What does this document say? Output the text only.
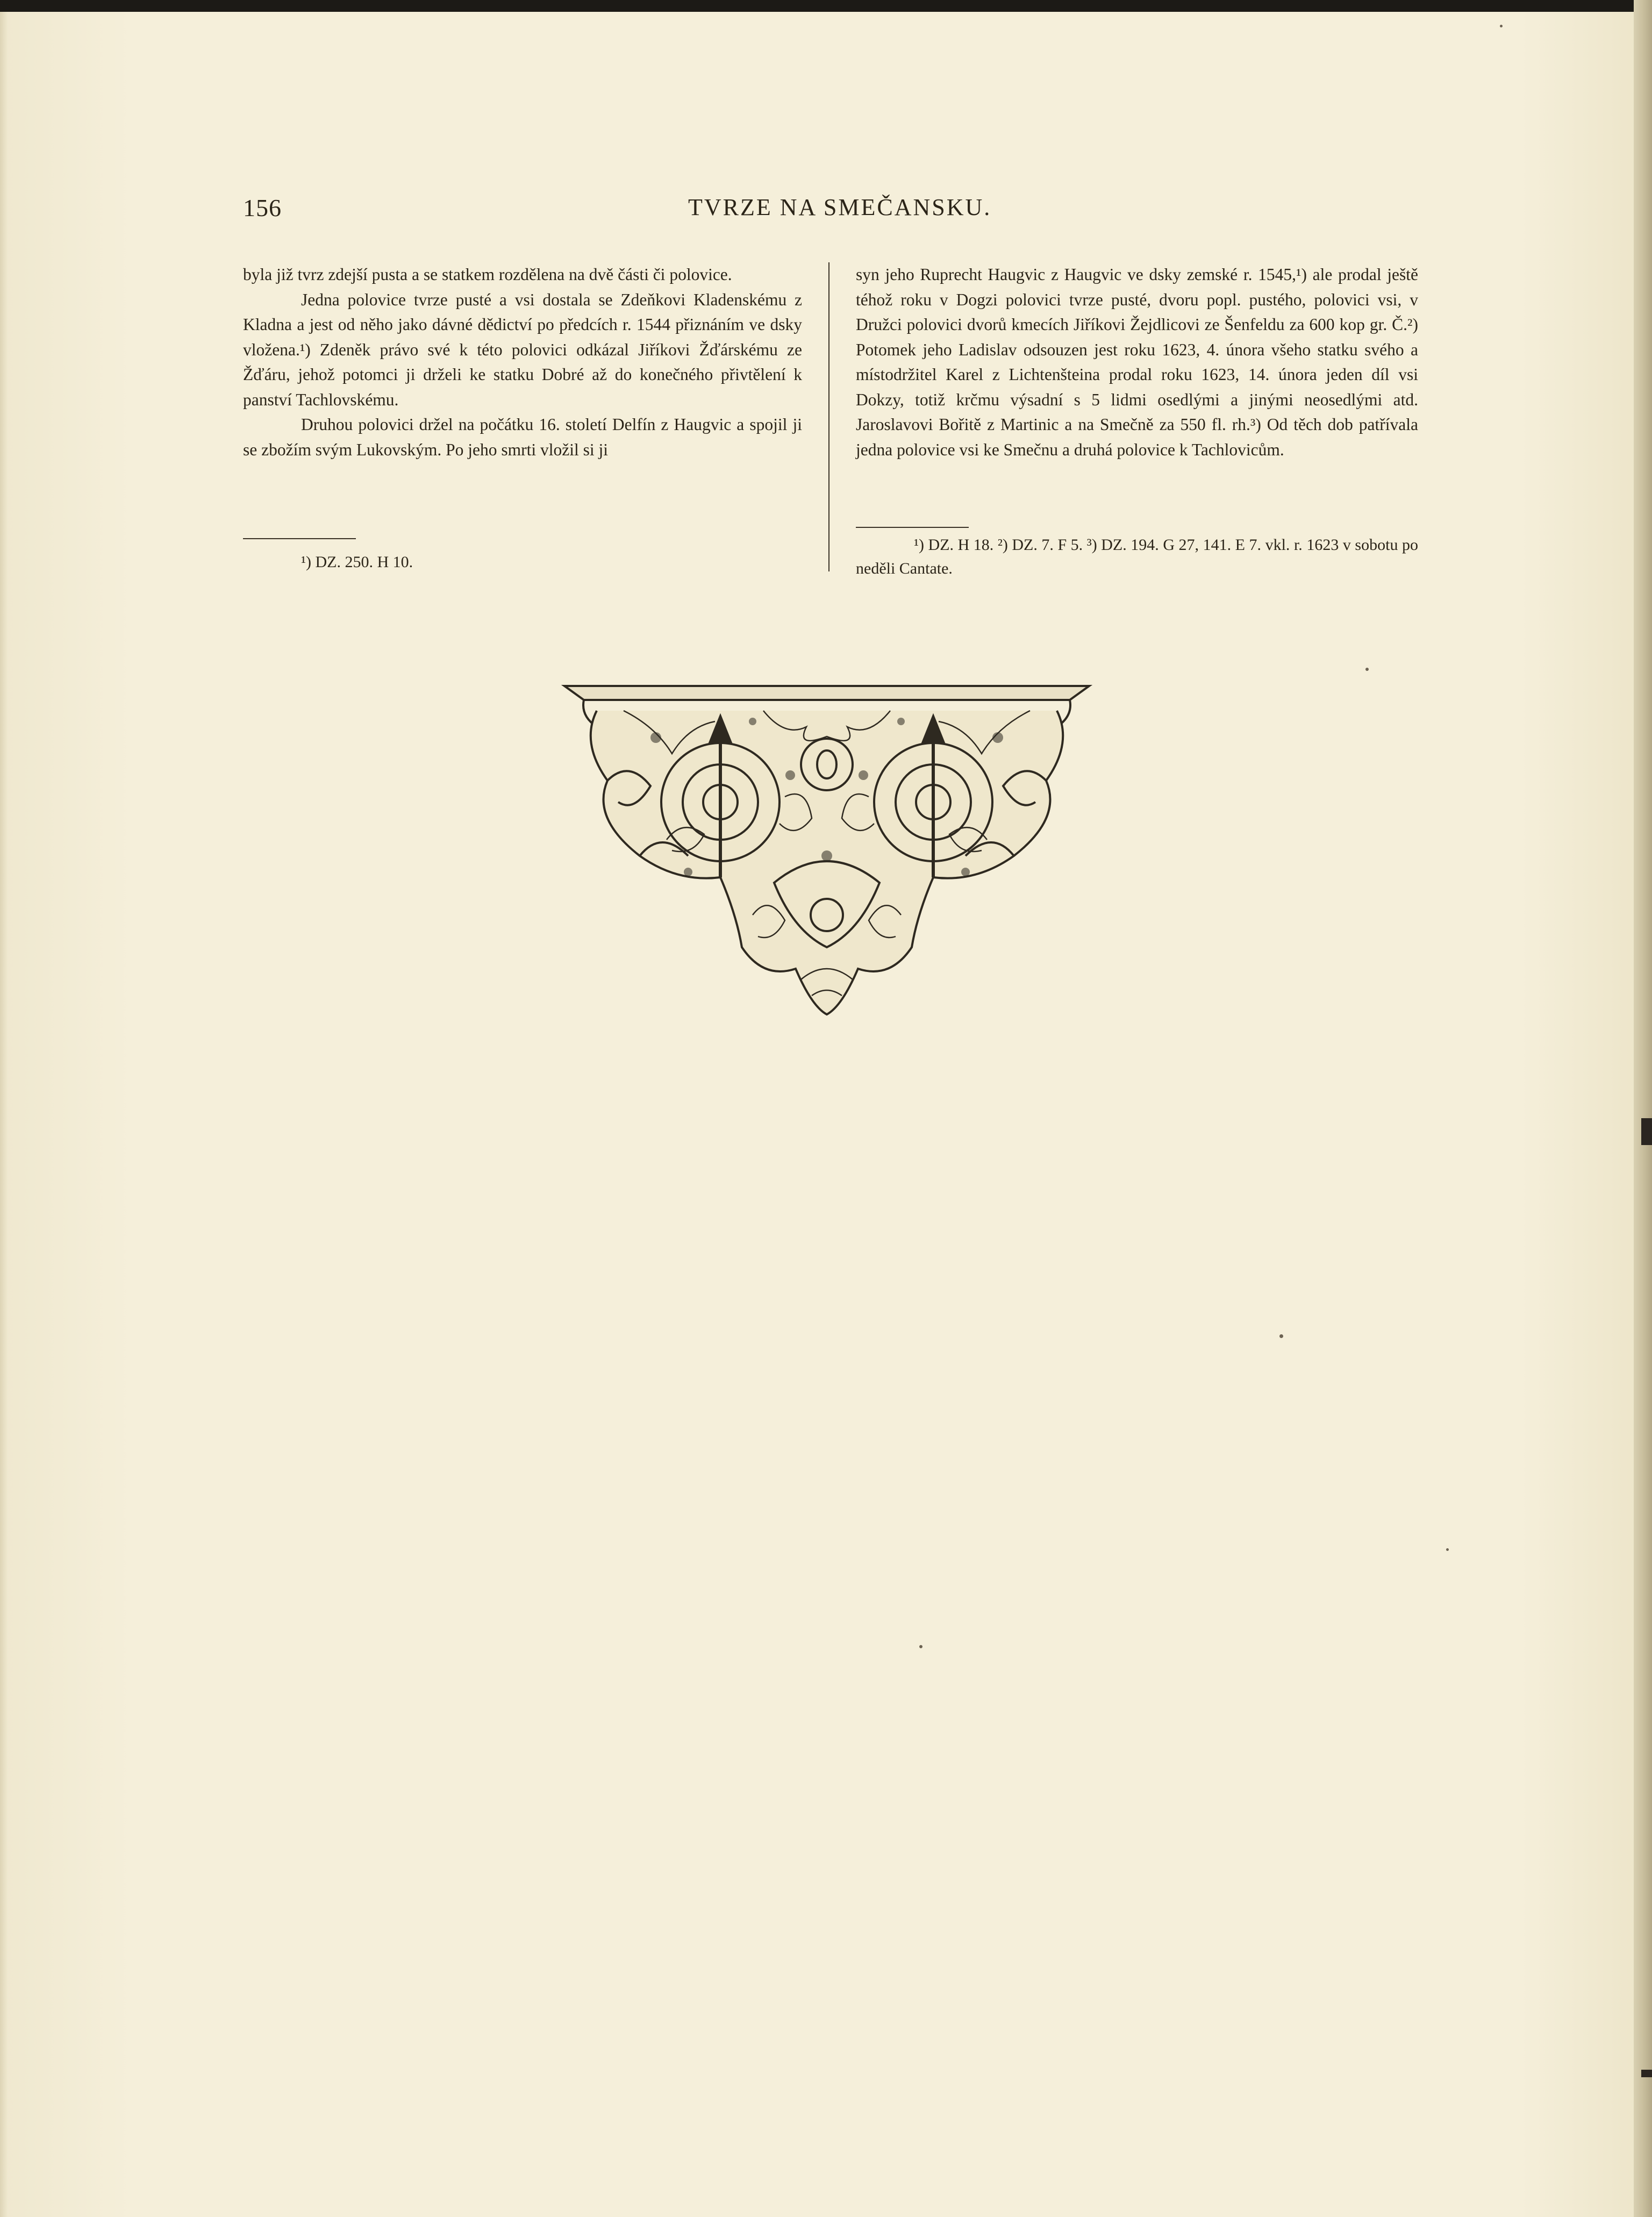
156	TVRZE NA SMEČANSKU.

byla již tvrz zdejší pusta a se statkem rozdělena na dvě části či polovice.

Jedna polovice tvrze pusté a vsi dostala se Zdeňkovi Kladenskému z Kladna a jest od něho jako dávné dědictví po předcích r. 1544 přiznáním ve dsky vložena.¹) Zdeněk právo své k této polovici odkázal Jiříkovi Žďárskému ze Žďáru, jehož potomci ji drželi ke statku Dobré až do konečného přivtělení k panství Tachlovskému.

Druhou polovici držel na počátku 16. století Delfín z Haugvic a spojil ji se zbožím svým Lukovským. Po jeho smrti vložil si ji

¹) DZ. 250. H 10.

syn jeho Ruprecht Haugvic z Haugvic ve dsky zemské r. 1545,¹) ale prodal ještě téhož roku v Dogzi polovici tvrze pusté, dvoru popl. pustého, polovici vsi, v Družci polovici dvorů kmecích Jiříkovi Žejdlicovi ze Šenfeldu za 600 kop gr. Č.²) Potomek jeho Ladislav odsouzen jest roku 1623, 4. února všeho statku svého a místodržitel Karel z Lichtenšteina prodal roku 1623, 14. února jeden díl vsi Dokzy, totiž krčmu výsadní s 5 lidmi osedlými a jinými neosedlými atd. Jaroslavovi Bořitě z Martinic a na Smečně za 550 fl. rh.³) Od těch dob patřívala jedna polovice vsi ke Smečnu a druhá polovice k Tachlovicům.

¹) DZ. H 18. ²) DZ. 7. F 5. ³) DZ. 194. G 27, 141. E 7. vkl. r. 1623 v sobotu po neděli Cantate.
